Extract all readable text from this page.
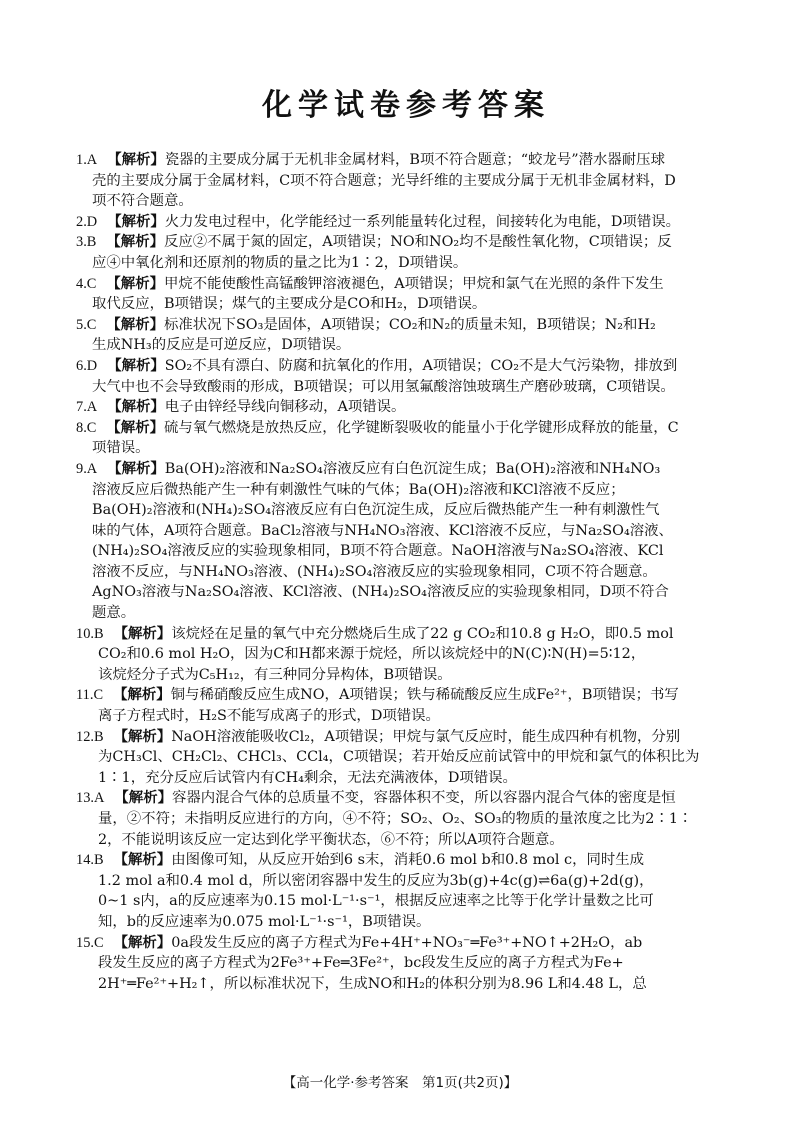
化学试卷参考答案
1.A 【解析】瓷器的主要成分属于无机非金属材料，B项不符合题意；“蛟龙号”潜水器耐压球
壳的主要成分属于金属材料，C项不符合题意；光导纤维的主要成分属于无机非金属材料，D
项不符合题意。
2.D 【解析】火力发电过程中，化学能经过一系列能量转化过程，间接转化为电能，D项错误。
3.B 【解析】反应②不属于氮的固定，A项错误；NO和NO₂均不是酸性氧化物，C项错误；反
应④中氧化剂和还原剂的物质的量之比为1∶2，D项错误。
4.C 【解析】甲烷不能使酸性高锰酸钾溶液褪色，A项错误；甲烷和氯气在光照的条件下发生
取代反应，B项错误；煤气的主要成分是CO和H₂，D项错误。
5.C 【解析】标准状况下SO₃是固体，A项错误；CO₂和N₂的质量未知，B项错误；N₂和H₂
生成NH₃的反应是可逆反应，D项错误。
6.D 【解析】SO₂不具有漂白、防腐和抗氧化的作用，A项错误；CO₂不是大气污染物，排放到
大气中也不会导致酸雨的形成，B项错误；可以用氢氟酸溶蚀玻璃生产磨砂玻璃，C项错误。
7.A 【解析】电子由锌经导线向铜移动，A项错误。
8.C 【解析】硫与氧气燃烧是放热反应，化学键断裂吸收的能量小于化学键形成释放的能量，C
项错误。
9.A 【解析】Ba(OH)₂溶液和Na₂SO₄溶液反应有白色沉淀生成；Ba(OH)₂溶液和NH₄NO₃
溶液反应后微热能产生一种有刺激性气味的气体；Ba(OH)₂溶液和KCl溶液不反应；
Ba(OH)₂溶液和(NH₄)₂SO₄溶液反应有白色沉淀生成，反应后微热能产生一种有刺激性气
味的气体，A项符合题意。BaCl₂溶液与NH₄NO₃溶液、KCl溶液不反应，与Na₂SO₄溶液、
(NH₄)₂SO₄溶液反应的实验现象相同，B项不符合题意。NaOH溶液与Na₂SO₄溶液、KCl
溶液不反应，与NH₄NO₃溶液、(NH₄)₂SO₄溶液反应的实验现象相同，C项不符合题意。
AgNO₃溶液与Na₂SO₄溶液、KCl溶液、(NH₄)₂SO₄溶液反应的实验现象相同，D项不符合
题意。
10.B 【解析】该烷烃在足量的氧气中充分燃烧后生成了22 g CO₂和10.8 g H₂O，即0.5 mol
CO₂和0.6 mol H₂O，因为C和H都来源于烷烃，所以该烷烃中的N(C)∶N(H)=5∶12，
该烷烃分子式为C₅H₁₂，有三种同分异构体，B项错误。
11.C 【解析】铜与稀硝酸反应生成NO，A项错误；铁与稀硫酸反应生成Fe²⁺，B项错误；书写
离子方程式时，H₂S不能写成离子的形式，D项错误。
12.B 【解析】NaOH溶液能吸收Cl₂，A项错误；甲烷与氯气反应时，能生成四种有机物，分别
为CH₃Cl、CH₂Cl₂、CHCl₃、CCl₄，C项错误；若开始反应前试管中的甲烷和氯气的体积比为
1∶1，充分反应后试管内有CH₄剩余，无法充满液体，D项错误。
13.A 【解析】容器内混合气体的总质量不变，容器体积不变，所以容器内混合气体的密度是恒
量，②不符；未指明反应进行的方向，④不符；SO₂、O₂、SO₃的物质的量浓度之比为2∶1∶
2，不能说明该反应一定达到化学平衡状态，⑥不符；所以A项符合题意。
14.B 【解析】由图像可知，从反应开始到6 s末，消耗0.6 mol b和0.8 mol c，同时生成
1.2 mol a和0.4 mol d，所以密闭容器中发生的反应为3b(g)+4c(g)⇌6a(g)+2d(g)，
0~1 s内，a的反应速率为0.15 mol·L⁻¹·s⁻¹，根据反应速率之比等于化学计量数之比可
知，b的反应速率为0.075 mol·L⁻¹·s⁻¹，B项错误。
15.C 【解析】0a段发生反应的离子方程式为Fe+4H⁺+NO₃⁻═Fe³⁺+NO↑+2H₂O，ab
段发生反应的离子方程式为2Fe³⁺+Fe═3Fe²⁺，bc段发生反应的离子方程式为Fe+
2H⁺═Fe²⁺+H₂↑，所以标准状况下，生成NO和H₂的体积分别为8.96 L和4.48 L，总
【高一化学·参考答案　第1页(共2页)】
